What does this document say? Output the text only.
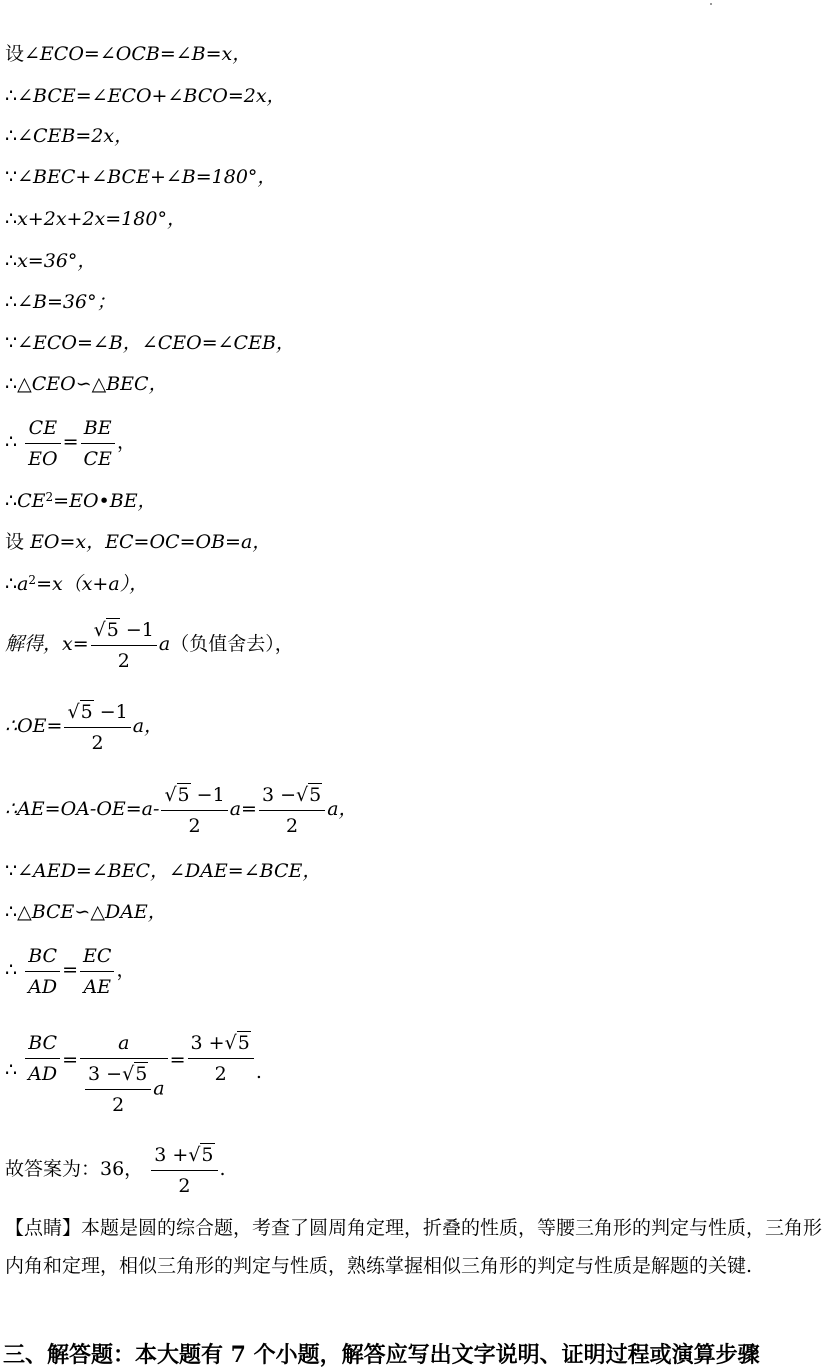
设∠ECO=∠OCB=∠B=x，
∴∠BCE=∠ECO+∠BCO=2x，
∴∠CEB=2x，
∵∠BEC+∠BCE+∠B=180°，
∴x+2x+2x=180°，
∴x=36°，
∴∠B=36°；
∵∠ECO=∠B，∠CEO=∠CEB，
∴△CEO∽△BEC，
∴ $\frac{CE}{EO} = \frac{BE}{CE}$ ，
$\therefore CE^2=EO•BE$，
设 EO=x，EC=OC=OB=a，
$\therefore a^2=x(x+a)$，
解得，$x= \frac{√5 -1}{2} a$（负值舍去），
∴OE= $\frac{√5 -1}{2}$ a，
∴AE=OA-OE=a- $\frac{√5 -1}{2} a= \frac{3 -√5}{2}$ a，
∵∠AED=∠BEC，∠DAE=∠BCE，
∴△BCE∽△DAE，
∴ $\frac{BC}{AD} = \frac{EC}{AE}$ ，
∴ $\frac{BC}{AD} = \frac{a}{\frac{3 -√5}{2} a} = \frac{3 +√5}{2}$ .
故答案为：36， $\frac{3 +√5}{2}$ .
【点睛】本题是圆的综合题，考查了圆周角定理，折叠的性质，等腰三角形的判定与性质，三角形内角和定理，相似三角形的判定与性质，熟练掌握相似三角形的判定与性质是解题的关键.
三、解答题：本大题有 7 个小题，解答应写出文字说明、证明过程或演算步骤
